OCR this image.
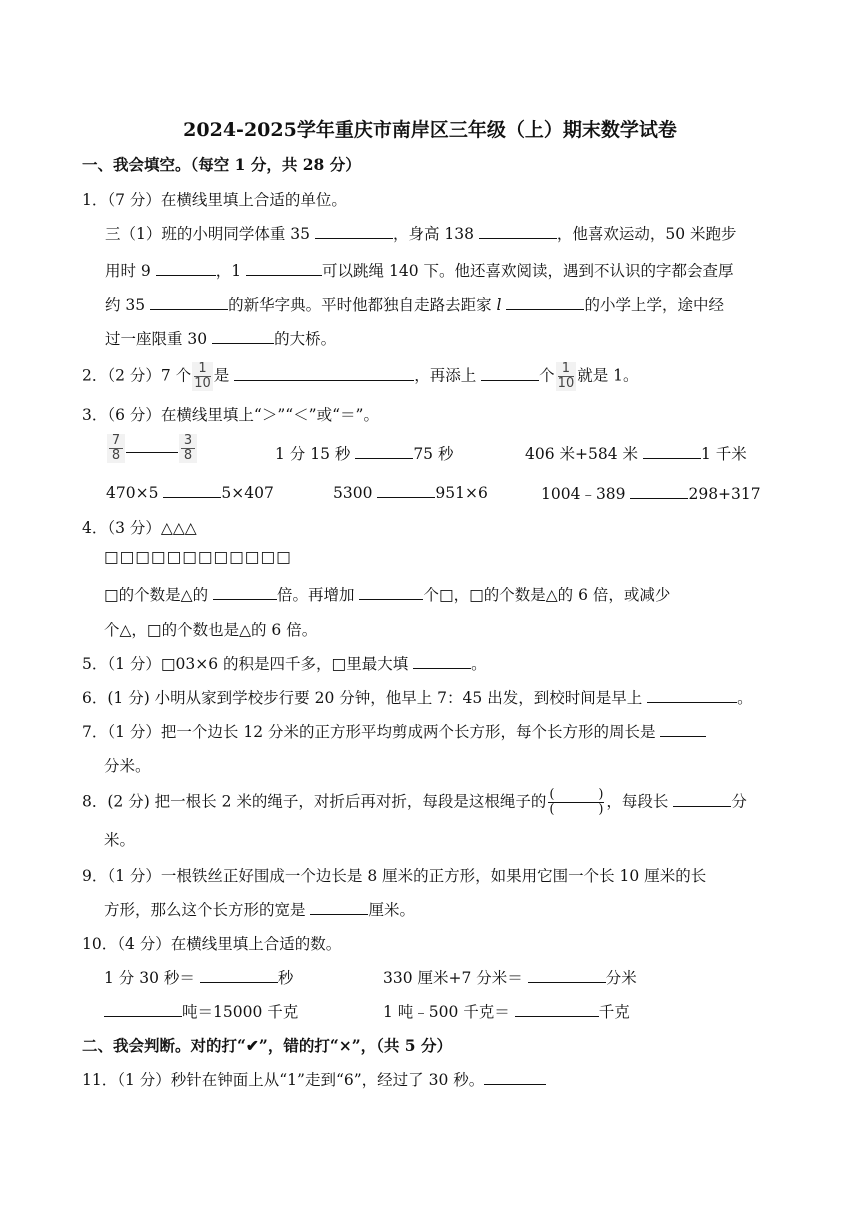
2024-2025学年重庆市南岸区三年级（上）期末数学试卷
一、我会填空。（每空 1 分，共 28 分）
1．（7 分）在横线里填上合适的单位。
三（1）班的小明同学体重 35	，身高 138	，他喜欢运动，50 米跑步
用时 9	，1	可以跳绳 140 下。他还喜欢阅读，遇到不认识的字都会查厚
约 35	的新华字典。平时他都独自走路去距家 l	的小学上学，途中经
过一座限重 30	的大桥。
2．（2 分）7 个 $\frac{1}{10}$ 是	，再添上	个 $\frac{1}{10}$ 就是 1。
3．（6 分）在横线里填上“＞”“＜”或“＝”。
$\frac{7}{8}$	$\frac{3}{8}$	1 分 15 秒	75 秒	406 米+584 米	1 千米
470×5	5×407	5300	951×6	1004﹣389	298+317
4．（3 分）△△△
□□□□□□□□□□□□
□的个数是△的	倍。再增加	个□，□的个数是△的 6 倍，或减少
个△，□的个数也是△的 6 倍。
5．（1 分）□03×6 的积是四千多，□里最大填	。
6．(1 分) 小明从家到学校步行要 20 分钟，他早上 7：45 出发，到校时间是早上	。
7．（1 分）把一个边长 12 分米的正方形平均剪成两个长方形，每个长方形的周长是
分米。
8．(2 分) 把一根长 2 米的绳子，对折后再对折，每段是这根绳子的 (	)
(	) ，每段长	分
米。
9．（1 分）一根铁丝正好围成一个边长是 8 厘米的正方形，如果用它围一个长 10 厘米的长
方形，那么这个长方形的宽是	厘米。
10．（4 分）在横线里填上合适的数。
1 分 30 秒＝	秒	330 厘米+7 分米＝	分米
吨＝15000 千克	1 吨﹣500 千克＝	千克
二、我会判断。对的打“✔”，错的打“×”，（共 5 分）
11．（1 分）秒针在钟面上从“1”走到“6”，经过了 30 秒。
